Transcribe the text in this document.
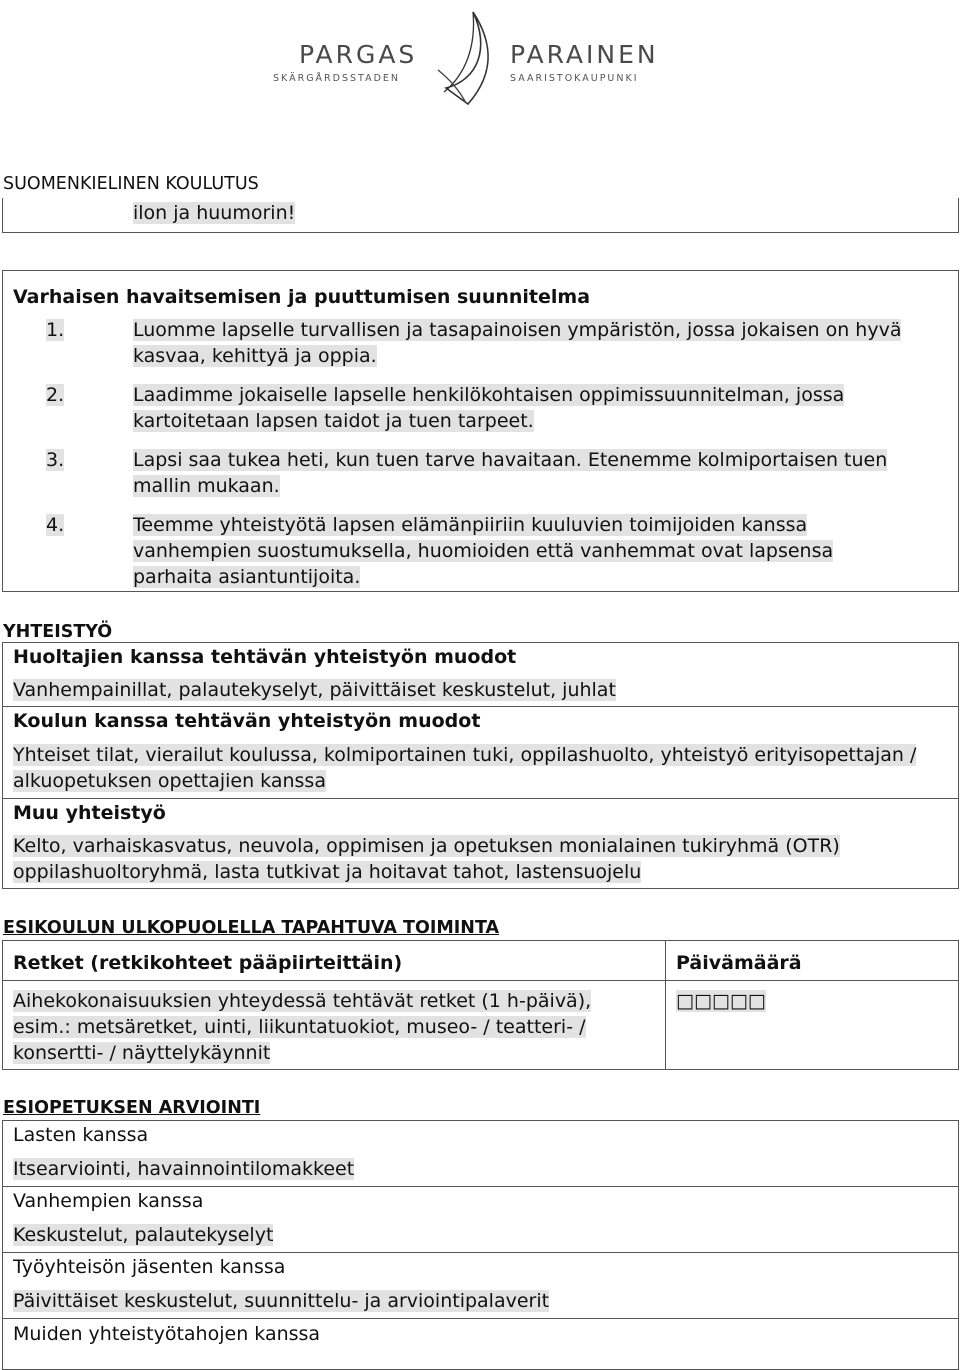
PARGAS
SKÄRGÅRDSSTADEN
PARAINEN
SAARISTOKAUPUNKI
SUOMENKIELINEN KOULUTUS
ilon ja huumorin!
Varhaisen havaitsemisen ja puuttumisen suunnitelma
1.	Luomme lapselle turvallisen ja tasapainoisen ympäristön, jossa jokaisen on hyvä kasvaa, kehittyä ja oppia.
2.	Laadimme jokaiselle lapselle henkilökohtaisen oppimissuunnitelman, jossa kartoitetaan lapsen taidot ja tuen tarpeet.
3.	Lapsi saa tukea heti, kun tuen tarve havaitaan. Etenemme kolmiportaisen tuen mallin mukaan.
4.	Teemme yhteistyötä lapsen elämänpiiriin kuuluvien toimijoiden kanssa vanhempien suostumuksella, huomioiden että vanhemmat ovat lapsensa parhaita asiantuntijoita.
YHTEISTYÖ
Huoltajien kanssa tehtävän yhteistyön muodot
Vanhempainillat, palautekyselyt, päivittäiset keskustelut, juhlat
Koulun kanssa tehtävän yhteistyön muodot
Yhteiset tilat, vierailut koulussa, kolmiportainen tuki, oppilashuolto, yhteistyö erityisopettajan / alkuopetuksen opettajien kanssa
Muu yhteistyö
Kelto, varhaiskasvatus, neuvola, oppimisen ja opetuksen monialainen tukiryhmä (OTR) oppilashuoltoryhmä, lasta tutkivat ja hoitavat tahot, lastensuojelu
ESIKOULUN ULKOPUOLELLA TAPAHTUVA TOIMINTA
Retket (retkikohteet pääpiirteittäin)	Päivämäärä
Aihekokonaisuuksien yhteydessä tehtävät retket (1 h-päivä), esim.: metsäretket, uinti, liikuntatuokiot, museo- / teatteri- / konsertti- / näyttelykäynnit
□□□□□
ESIOPETUKSEN ARVIOINTI
Lasten kanssa
Itsearviointi, havainnointilomakkeet
Vanhempien kanssa
Keskustelut, palautekyselyt
Työyhteisön jäsenten kanssa
Päivittäiset keskustelut, suunnittelu- ja arviointipalaverit
Muiden yhteistyötahojen kanssa
